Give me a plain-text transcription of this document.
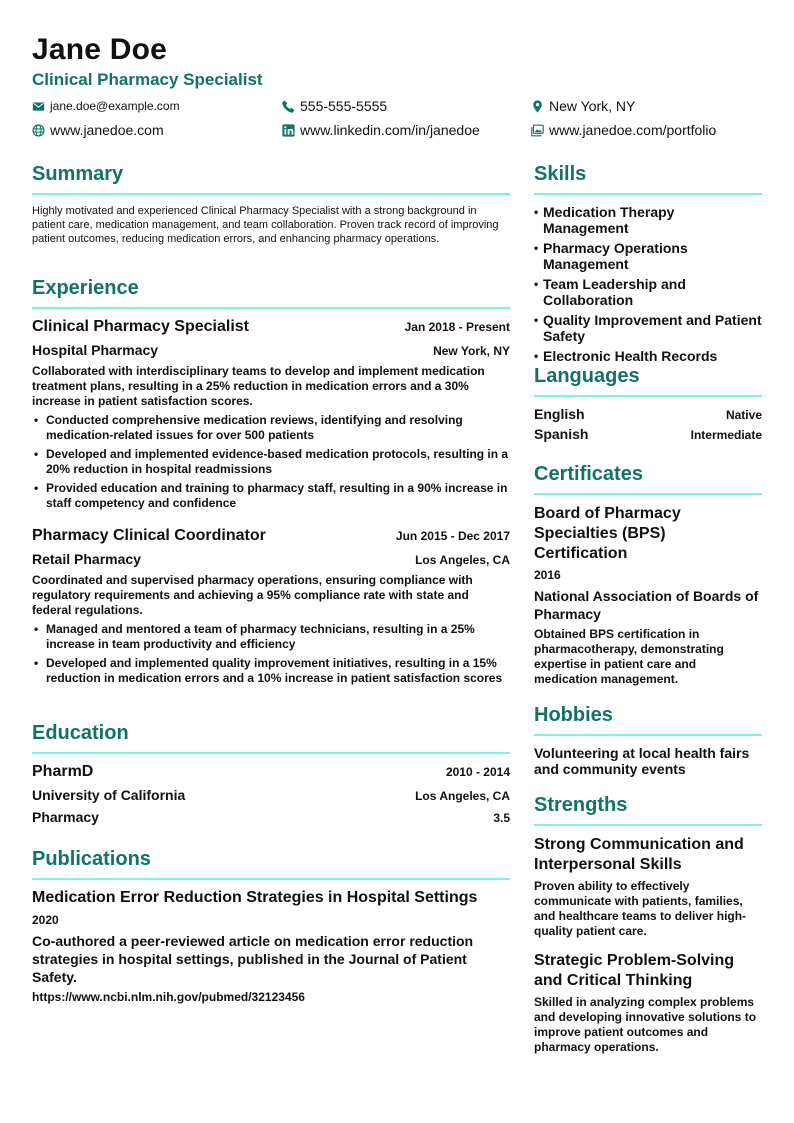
Jane Doe
Clinical Pharmacy Specialist
jane.doe@example.com	555-555-5555	New York, NY
www.janedoe.com	www.linkedin.com/in/janedoe	www.janedoe.com/portfolio
Summary
Highly motivated and experienced Clinical Pharmacy Specialist with a strong background in patient care, medication management, and team collaboration. Proven track record of improving patient outcomes, reducing medication errors, and enhancing pharmacy operations.
Experience
Clinical Pharmacy Specialist	Jan 2018 - Present
Hospital Pharmacy	New York, NY
Collaborated with interdisciplinary teams to develop and implement medication treatment plans, resulting in a 25% reduction in medication errors and a 30% increase in patient satisfaction scores.
• Conducted comprehensive medication reviews, identifying and resolving medication-related issues for over 500 patients
• Developed and implemented evidence-based medication protocols, resulting in a 20% reduction in hospital readmissions
• Provided education and training to pharmacy staff, resulting in a 90% increase in staff competency and confidence
Pharmacy Clinical Coordinator	Jun 2015 - Dec 2017
Retail Pharmacy	Los Angeles, CA
Coordinated and supervised pharmacy operations, ensuring compliance with regulatory requirements and achieving a 95% compliance rate with state and federal regulations.
• Managed and mentored a team of pharmacy technicians, resulting in a 25% increase in team productivity and efficiency
• Developed and implemented quality improvement initiatives, resulting in a 15% reduction in medication errors and a 10% increase in patient satisfaction scores
Education
PharmD	2010 - 2014
University of California	Los Angeles, CA
Pharmacy	3.5
Publications
Medication Error Reduction Strategies in Hospital Settings
2020
Co-authored a peer-reviewed article on medication error reduction strategies in hospital settings, published in the Journal of Patient Safety.
https://www.ncbi.nlm.nih.gov/pubmed/32123456
Skills
• Medication Therapy Management
• Pharmacy Operations Management
• Team Leadership and Collaboration
• Quality Improvement and Patient Safety
• Electronic Health Records
Languages
English	Native
Spanish	Intermediate
Certificates
Board of Pharmacy Specialties (BPS) Certification
2016
National Association of Boards of Pharmacy
Obtained BPS certification in pharmacotherapy, demonstrating expertise in patient care and medication management.
Hobbies
Volunteering at local health fairs and community events
Strengths
Strong Communication and Interpersonal Skills
Proven ability to effectively communicate with patients, families, and healthcare teams to deliver high-quality patient care.
Strategic Problem-Solving and Critical Thinking
Skilled in analyzing complex problems and developing innovative solutions to improve patient outcomes and pharmacy operations.
